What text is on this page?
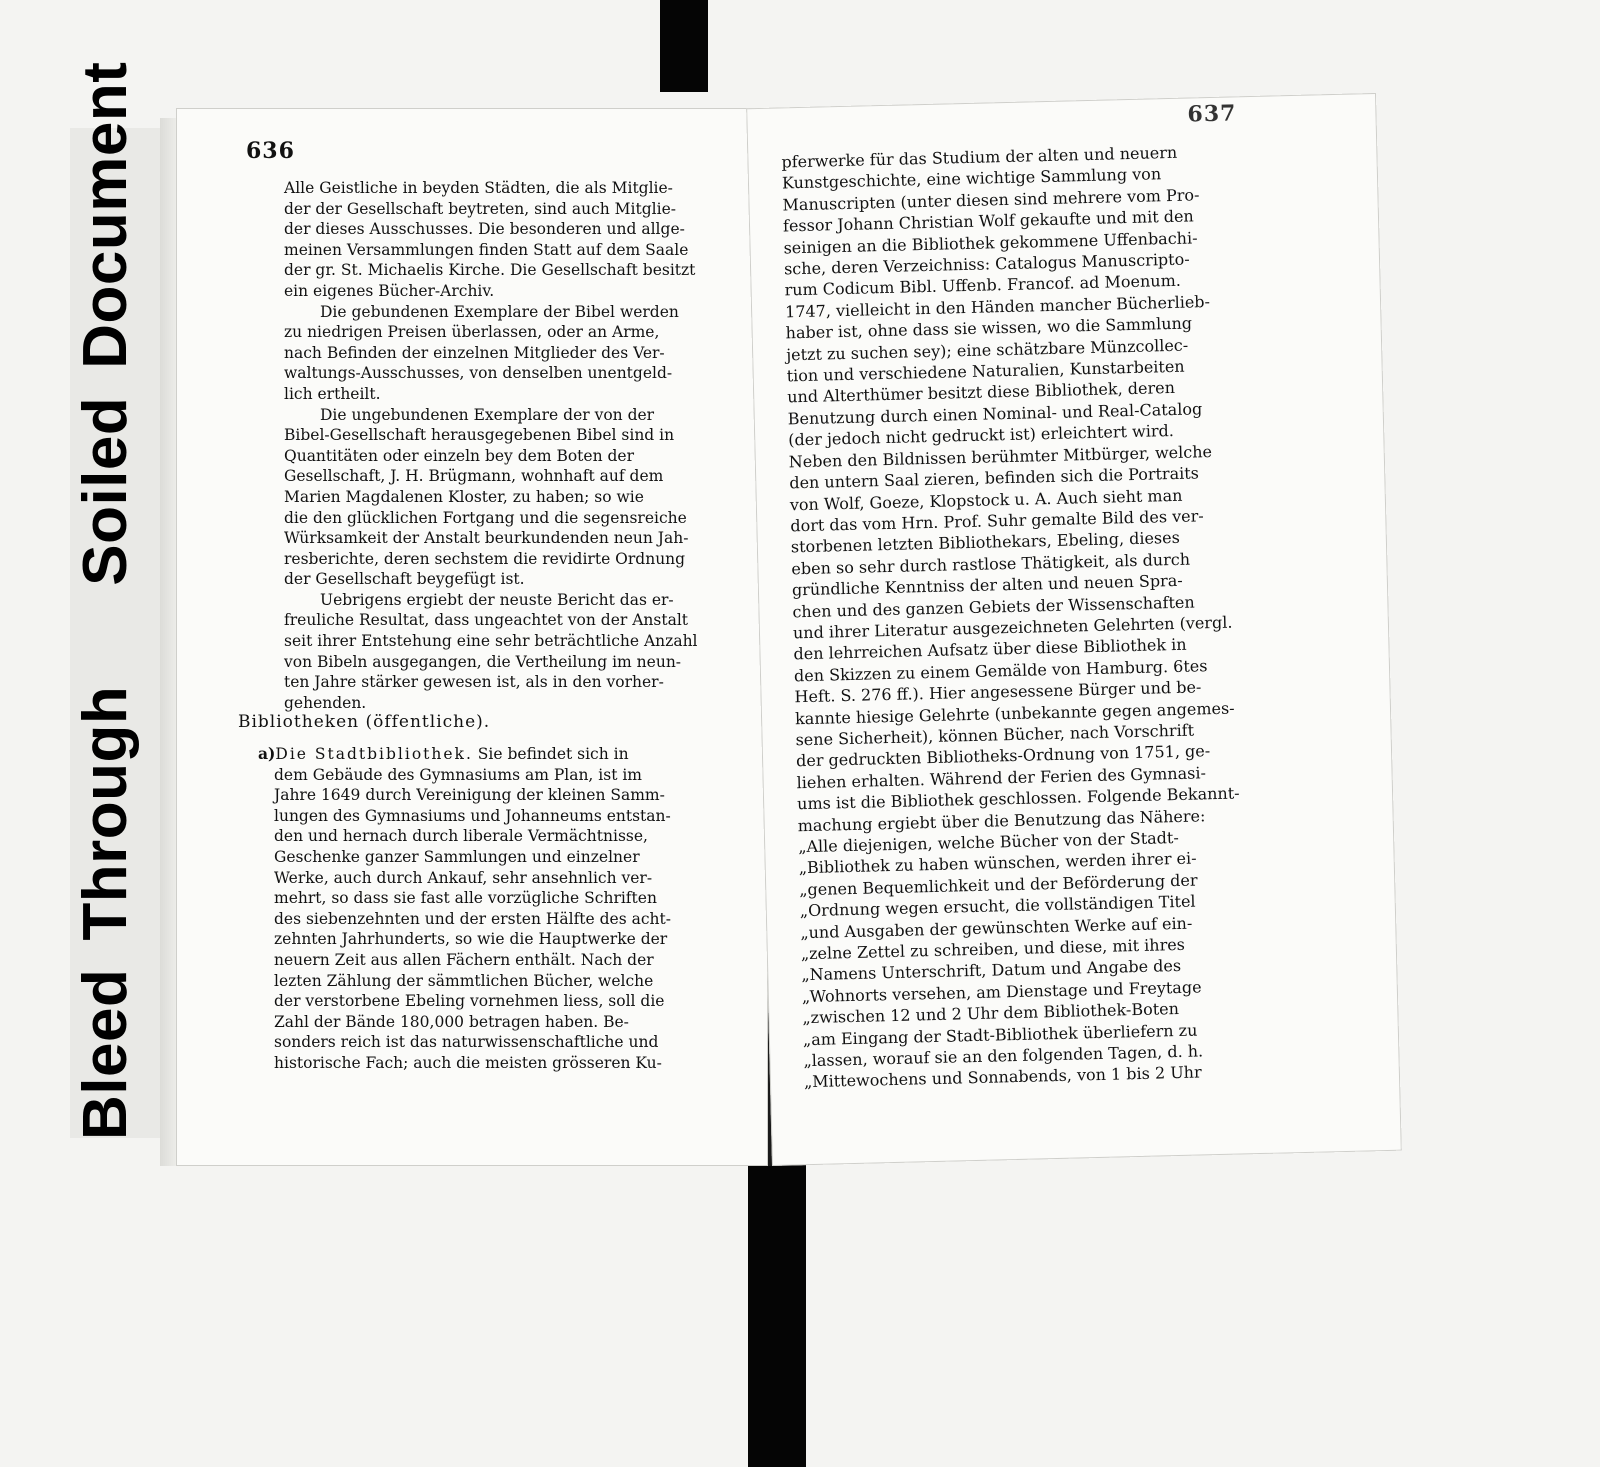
BleedThroughSoiledDocument	636

Alle Geistliche in beyden Städten, die als Mitglie-
der der Gesellschaft beytreten, sind auch Mitglie-
der dieses Ausschusses. Die besonderen und allge-
meinen Versammlungen finden Statt auf dem Saale
der gr. St. Michaelis Kirche. Die Gesellschaft besitzt
ein eigenes Bücher-Archiv.

Die gebundenen Exemplare der Bibel werden
zu niedrigen Preisen überlassen, oder an Arme,
nach Befinden der einzelnen Mitglieder des Ver-
waltungs-Ausschusses, von denselben unentgeld-
lich ertheilt.

Die ungebundenen Exemplare der von der
Bibel-Gesellschaft herausgegebenen Bibel sind in
Quantitäten oder einzeln bey dem Boten der
Gesellschaft, J. H. Brügmann, wohnhaft auf dem
Marien Magdalenen Kloster, zu haben; so wie
die den glücklichen Fortgang und die segensreiche
Würksamkeit der Anstalt beurkundenden neun Jah-
resberichte, deren sechstem die revidirte Ordnung
der Gesellschaft beygefügt ist.

Uebrigens ergiebt der neuste Bericht das er-
freuliche Resultat, dass ungeachtet von der Anstalt
seit ihrer Entstehung eine sehr beträchtliche Anzahl
von Bibeln ausgegangen, die Vertheilung im neun-
ten Jahre stärker gewesen ist, als in den vorher-
gehenden.

Bibliotheken (öffentliche).
a)Die Stadtbibliothek. Sie befindet sich in
dem Gebäude des Gymnasiums am Plan, ist im
Jahre 1649 durch Vereinigung der kleinen Samm-
lungen des Gymnasiums und Johanneums entstan-
den und hernach durch liberale Vermächtnisse,
Geschenke ganzer Sammlungen und einzelner
Werke, auch durch Ankauf, sehr ansehnlich ver-
mehrt, so dass sie fast alle vorzügliche Schriften
des siebenzehnten und der ersten Hälfte des acht-
zehnten Jahrhunderts, so wie die Hauptwerke der
neuern Zeit aus allen Fächern enthält. Nach der
lezten Zählung der sämmtlichen Bücher, welche
der verstorbene Ebeling vornehmen liess, soll die
Zahl der Bände 180,000 betragen haben. Be-
sonders reich ist das naturwissenschaftliche und
historische Fach; auch die meisten grösseren Ku-
637
pferwerke für das Studium der alten und neuern
Kunstgeschichte, eine wichtige Sammlung von
Manuscripten (unter diesen sind mehrere vom Pro-
fessor Johann Christian Wolf gekaufte und mit den
seinigen an die Bibliothek gekommene Uffenbachi-
sche, deren Verzeichniss: Catalogus Manuscripto-
rum Codicum Bibl. Uffenb. Francof. ad Moenum.
1747, vielleicht in den Händen mancher Bücherlieb-
haber ist, ohne dass sie wissen, wo die Sammlung
jetzt zu suchen sey); eine schätzbare Münzcollec-
tion und verschiedene Naturalien, Kunstarbeiten
und Alterthümer besitzt diese Bibliothek, deren
Benutzung durch einen Nominal- und Real-Catalog
(der jedoch nicht gedruckt ist) erleichtert wird.
Neben den Bildnissen berühmter Mitbürger, welche
den untern Saal zieren, befinden sich die Portraits
von Wolf, Goeze, Klopstock u. A. Auch sieht man
dort das vom Hrn. Prof. Suhr gemalte Bild des ver-
storbenen letzten Bibliothekars, Ebeling, dieses
eben so sehr durch rastlose Thätigkeit, als durch
gründliche Kenntniss der alten und neuen Spra-
chen und des ganzen Gebiets der Wissenschaften
und ihrer Literatur ausgezeichneten Gelehrten (vergl.
den lehrreichen Aufsatz über diese Bibliothek in
den Skizzen zu einem Gemälde von Hamburg. 6tes
Heft. S. 276 ff.). Hier angesessene Bürger und be-
kannte hiesige Gelehrte (unbekannte gegen angemes-
sene Sicherheit), können Bücher, nach Vorschrift
der gedruckten Bibliotheks-Ordnung von 1751, ge-
liehen erhalten. Während der Ferien des Gymnasi-
ums ist die Bibliothek geschlossen. Folgende Bekannt-
machung ergiebt über die Benutzung das Nähere:
„Alle diejenigen, welche Bücher von der Stadt-
„Bibliothek zu haben wünschen, werden ihrer ei-
„genen Bequemlichkeit und der Beförderung der
„Ordnung wegen ersucht, die vollständigen Titel
„und Ausgaben der gewünschten Werke auf ein-
„zelne Zettel zu schreiben, und diese, mit ihres
„Namens Unterschrift, Datum und Angabe des
„Wohnorts versehen, am Dienstage und Freytage
„zwischen 12 und 2 Uhr dem Bibliothek-Boten
„am Eingang der Stadt-Bibliothek überliefern zu
„lassen, worauf sie an den folgenden Tagen, d. h.
„Mittewochens und Sonnabends, von 1 bis 2 Uhr
